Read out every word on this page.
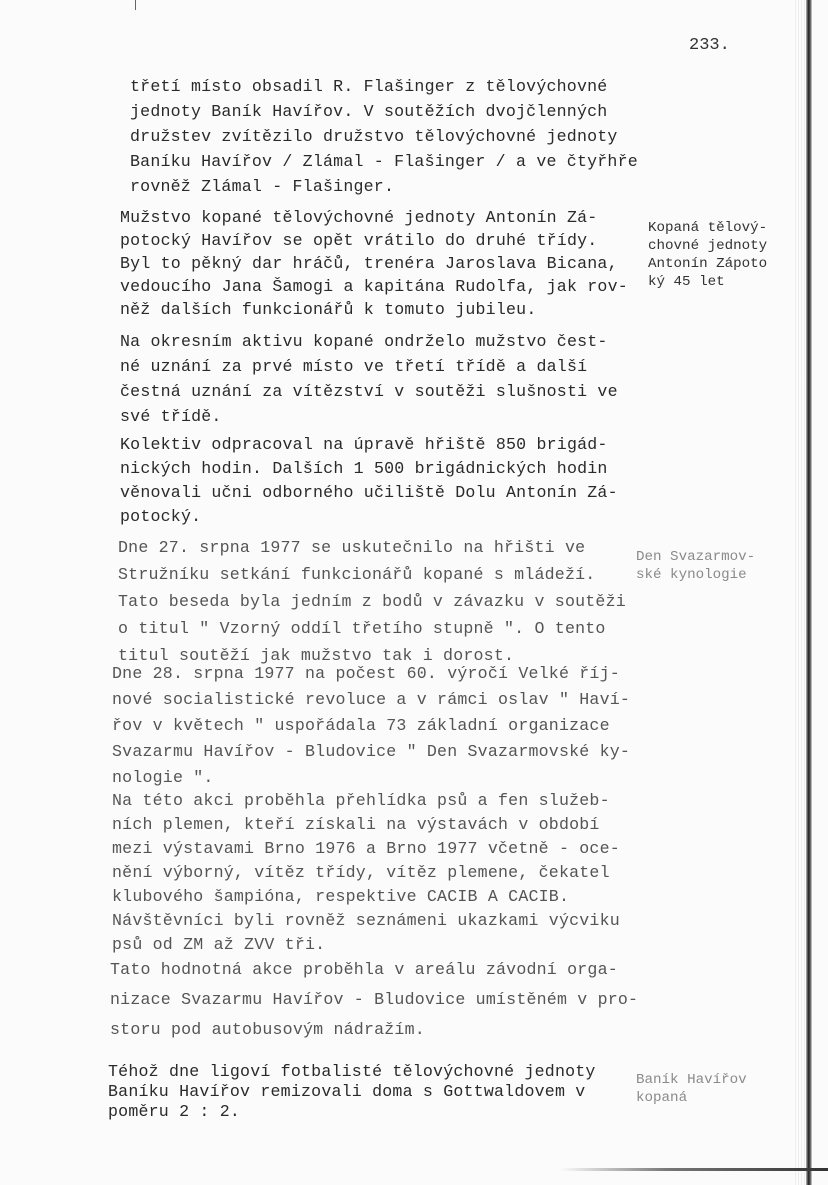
233.
třetí místo obsadil R. Flašinger z tělovýchovné
jednoty Baník Havířov. V soutěžích dvojčlenných
družstev zvítězilo družstvo tělovýchovné jednoty
Baníku Havířov / Zlámal - Flašinger / a ve čtyřhře
rovněž Zlámal - Flašinger.
Mužstvo kopané tělovýchovné jednoty Antonín Zá-
potocký Havířov se opět vrátilo do druhé třídy.
Byl to pěkný dar hráčů, trenéra Jaroslava Bicana,
vedoucího Jana Šamogi a kapitána Rudolfa, jak rov-
něž dalších funkcionářů k tomuto jubileu.
Na okresním aktivu kopané ondrželo mužstvo čest-
né uznání za prvé místo ve třetí třídě a další
čestná uznání za vítězství v soutěži slušnosti ve
své třídě.
Kolektiv odpracoval na úpravě hřiště 850 brigád-
nických hodin. Dalších 1 500 brigádnických hodin
věnovali učni odborného učiliště Dolu Antonín Zá-
potocký.
Dne 27. srpna 1977 se uskutečnilo na hřišti ve
Stružníku setkání funkcionářů kopané s mládeží.
Tato beseda byla jedním z bodů v závazku v soutěži
o titul " Vzorný oddíl třetího stupně ". O tento
titul soutěží jak mužstvo tak i dorost.
Dne 28. srpna 1977 na počest 60. výročí Velké říj-
nové socialistické revoluce a v rámci oslav " Haví-
řov v květech " uspořádala 73 základní organizace
Svazarmu Havířov - Bludovice " Den Svazarmovské ky-
nologie ".
Na této akci proběhla přehlídka psů a fen služeb-
ních plemen, kteří získali na výstavách v období
mezi výstavami Brno 1976 a Brno 1977 včetně - oce-
nění výborný, vítěz třídy, vítěz plemene, čekatel
klubového šampióna, respektive CACIB A CACIB.
Návštěvníci byli rovněž seznámeni ukazkami výcviku
psů od ZM až ZVV tři.
Tato hodnotná akce proběhla v areálu závodní orga-
nizace Svazarmu Havířov - Bludovice umístěném v pro-
storu pod autobusovým nádražím.
Téhož dne ligoví fotbalisté tělovýchovné jednoty
Baníku Havířov remizovali doma s Gottwaldovem v
poměru 2 : 2.
Kopaná tělový-
chovné jednoty
Antonín Zápoto
ký 45 let
Den Svazarmov-
ské kynologie
Baník Havířov
kopaná
